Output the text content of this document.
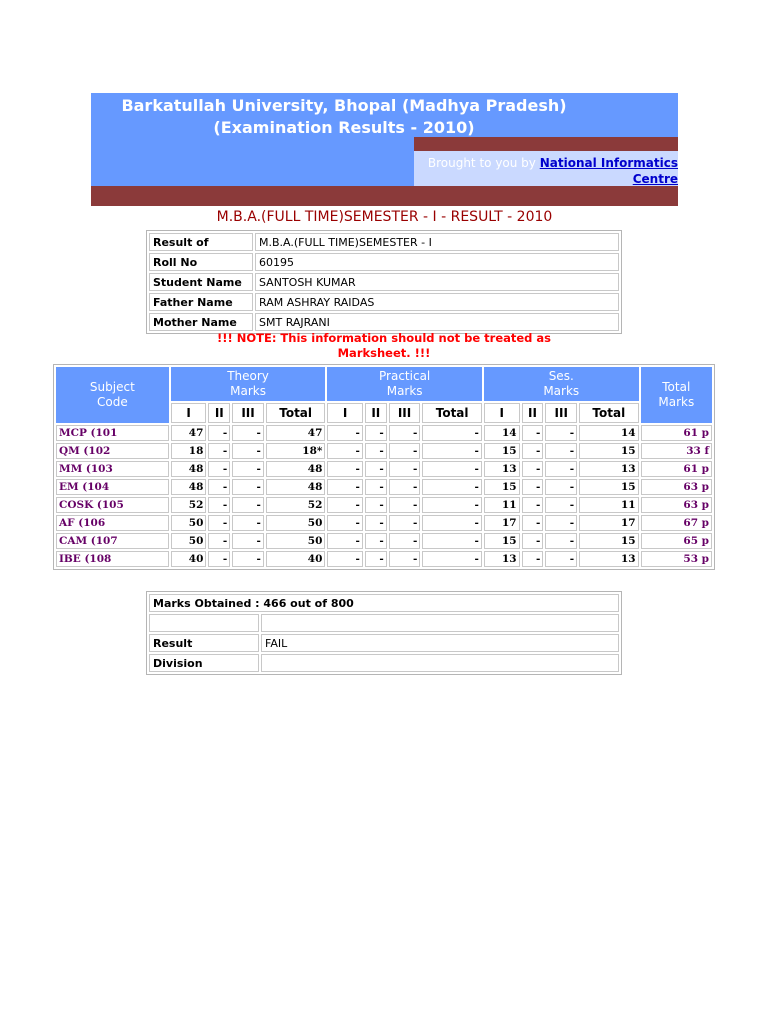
Barkatullah University, Bhopal (Madhya Pradesh)
(Examination Results - 2010)
Brought to you by National Informatics
Centre
M.B.A.(FULL TIME)SEMESTER - I - RESULT - 2010
Result of	M.B.A.(FULL TIME)SEMESTER - I
Roll No	60195
Student Name	SANTOSH KUMAR
Father Name	RAM ASHRAY RAIDAS
Mother Name	SMT RAJRANI
!!! NOTE: This information should not be treated as
Marksheet. !!!
Subject
Code	Theory
Marks				Practical
Marks				Ses.
Marks				Total
Marks
	I	II	III	Total	I	II	III	Total	I	II	III	Total	
MCP (101	47	-	-	47	-	-	-	-	14	-	-	14	61 p
QM (102	18	-	-	18*	-	-	-	-	15	-	-	15	33 f
MM (103	48	-	-	48	-	-	-	-	13	-	-	13	61 p
EM (104	48	-	-	48	-	-	-	-	15	-	-	15	63 p
COSK (105	52	-	-	52	-	-	-	-	11	-	-	11	63 p
AF (106	50	-	-	50	-	-	-	-	17	-	-	17	67 p
CAM (107	50	-	-	50	-	-	-	-	15	-	-	15	65 p
IBE (108	40	-	-	40	-	-	-	-	13	-	-	13	53 p
Marks Obtained : 466 out of 800	

Result	FAIL
Division	
